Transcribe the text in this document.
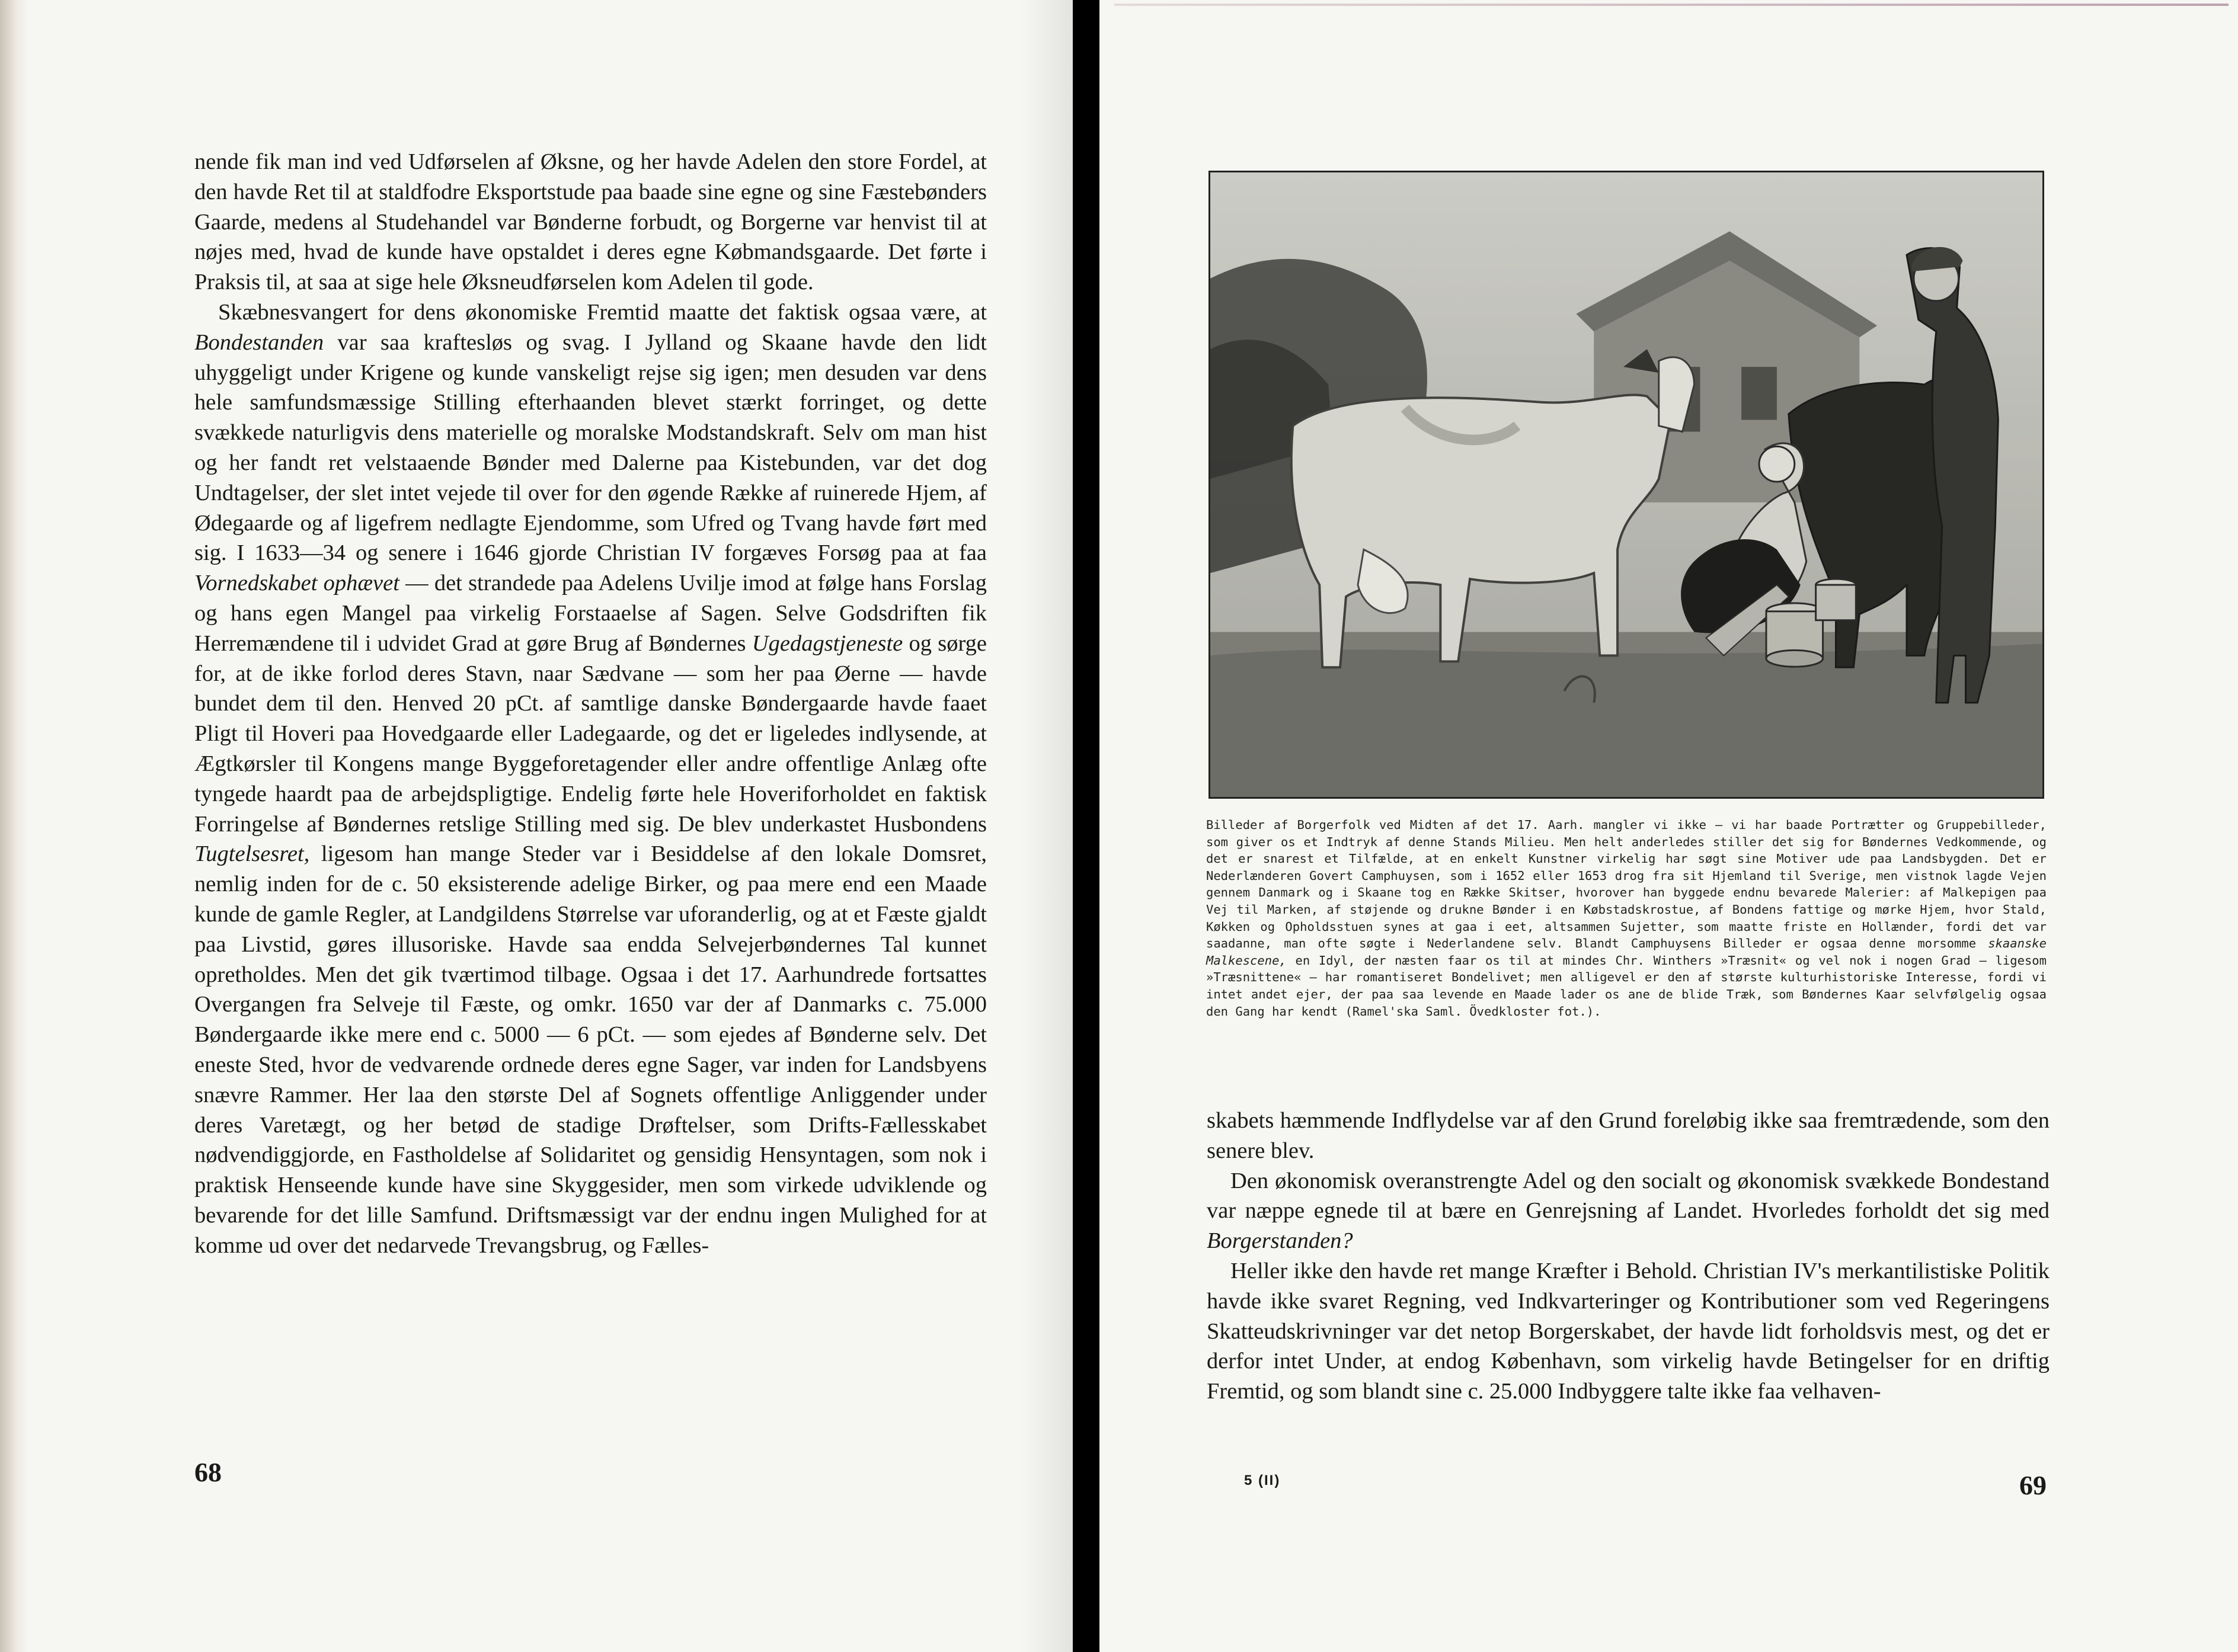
nende fik man ind ved Udførselen af Øksne, og her havde Adelen den store Fordel, at den havde Ret til at staldfodre Eksportstude paa baade sine egne og sine Fæstebønders Gaarde, medens al Studehandel var Bønderne forbudt, og Borgerne var henvist til at nøjes med, hvad de kunde have opstaldet i deres egne Købmandsgaarde. Det førte i Praksis til, at saa at sige hele Øksneudførselen kom Adelen til gode.

Skæbnesvangert for dens økonomiske Fremtid maatte det faktisk ogsaa være, at Bondestanden var saa kraftesløs og svag. I Jylland og Skaane havde den lidt uhyggeligt under Krigene og kunde vanskeligt rejse sig igen; men desuden var dens hele samfundsmæssige Stilling efterhaanden blevet stærkt forringet, og dette svækkede naturligvis dens materielle og moralske Modstandskraft. Selv om man hist og her fandt ret velstaaende Bønder med Dalerne paa Kistebunden, var det dog Undtagelser, der slet intet vejede til over for den øgende Række af ruinerede Hjem, af Ødegaarde og af ligefrem nedlagte Ejendomme, som Ufred og Tvang havde ført med sig. I 1633—34 og senere i 1646 gjorde Christian IV forgæves Forsøg paa at faa Vornedskabet ophævet — det strandede paa Adelens Uvilje imod at følge hans Forslag og hans egen Mangel paa virkelig Forstaaelse af Sagen. Selve Godsdriften fik Herremændene til i udvidet Grad at gøre Brug af Bøndernes Ugedagstjeneste og sørge for, at de ikke forlod deres Stavn, naar Sædvane — som her paa Øerne — havde bundet dem til den. Henved 20 pCt. af samtlige danske Bøndergaarde havde faaet Pligt til Hoveri paa Hovedgaarde eller Ladegaarde, og det er ligeledes indlysende, at Ægtkørsler til Kongens mange Byggeforetagender eller andre offentlige Anlæg ofte tyngede haardt paa de arbejdspligtige. Endelig førte hele Hoveriforholdet en faktisk Forringelse af Bøndernes retslige Stilling med sig. De blev underkastet Husbondens Tugtelsesret, ligesom han mange Steder var i Besiddelse af den lokale Domsret, nemlig inden for de c. 50 eksisterende adelige Birker, og paa mere end een Maade kunde de gamle Regler, at Landgildens Størrelse var uforanderlig, og at et Fæste gjaldt paa Livstid, gøres illusoriske. Havde saa endda Selvejerbøndernes Tal kunnet opretholdes. Men det gik tværtimod tilbage. Ogsaa i det 17. Aarhundrede fortsattes Overgangen fra Selveje til Fæste, og omkr. 1650 var der af Danmarks c. 75.000 Bøndergaarde ikke mere end c. 5000 — 6 pCt. — som ejedes af Bønderne selv. Det eneste Sted, hvor de vedvarende ordnede deres egne Sager, var inden for Landsbyens snævre Rammer. Her laa den største Del af Sognets offentlige Anliggender under deres Varetægt, og her betød de stadige Drøftelser, som Drifts-Fællesskabet nødvendiggjorde, en Fastholdelse af Solidaritet og gensidig Hensyntagen, som nok i praktisk Henseende kunde have sine Skyggesider, men som virkede udviklende og bevarende for det lille Samfund. Driftsmæssigt var der endnu ingen Mulighed for at komme ud over det nedarvede Trevangsbrug, og Fælles-

68

Billeder af Borgerfolk ved Midten af det 17. Aarh. mangler vi ikke — vi har baade Portrætter og Gruppebilleder, som giver os et Indtryk af denne Stands Milieu. Men helt anderledes stiller det sig for Bøndernes Vedkommende, og det er snarest et Tilfælde, at en enkelt Kunstner virkelig har søgt sine Motiver ude paa Landsbygden. Det er Nederlænderen Govert Camphuysen, som i 1652 eller 1653 drog fra sit Hjemland til Sverige, men vistnok lagde Vejen gennem Danmark og i Skaane tog en Række Skitser, hvorover han byggede endnu bevarede Malerier: af Malkepigen paa Vej til Marken, af støjende og drukne Bønder i en Købstadskrostue, af Bondens fattige og mørke Hjem, hvor Stald, Køkken og Opholdsstuen synes at gaa i eet, altsammen Sujetter, som maatte friste en Hollænder, fordi det var saadanne, man ofte søgte i Nederlandene selv. Blandt Camphuysens Billeder er ogsaa denne morsomme skaanske Malkescene, en Idyl, der næsten faar os til at mindes Chr. Winthers »Træsnit« og vel nok i nogen Grad — ligesom »Træsnittene« — har romantiseret Bondelivet; men alligevel er den af største kulturhistoriske Interesse, fordi vi intet andet ejer, der paa saa levende en Maade lader os ane de blide Træk, som Bøndernes Kaar selvfølgelig ogsaa den Gang har kendt (Ramel'ska Saml. Övedkloster fot.).

skabets hæmmende Indflydelse var af den Grund foreløbig ikke saa fremtrædende, som den senere blev.

Den økonomisk overanstrengte Adel og den socialt og økonomisk svækkede Bondestand var næppe egnede til at bære en Genrejsning af Landet. Hvorledes forholdt det sig med Borgerstanden?

Heller ikke den havde ret mange Kræfter i Behold. Christian IV's merkantilistiske Politik havde ikke svaret Regning, ved Indkvarteringer og Kontributioner som ved Regeringens Skatteudskrivninger var det netop Borgerskabet, der havde lidt forholdsvis mest, og det er derfor intet Under, at endog København, som virkelig havde Betingelser for en driftig Fremtid, og som blandt sine c. 25.000 Indbyggere talte ikke faa velhaven-

5 (II)	69
